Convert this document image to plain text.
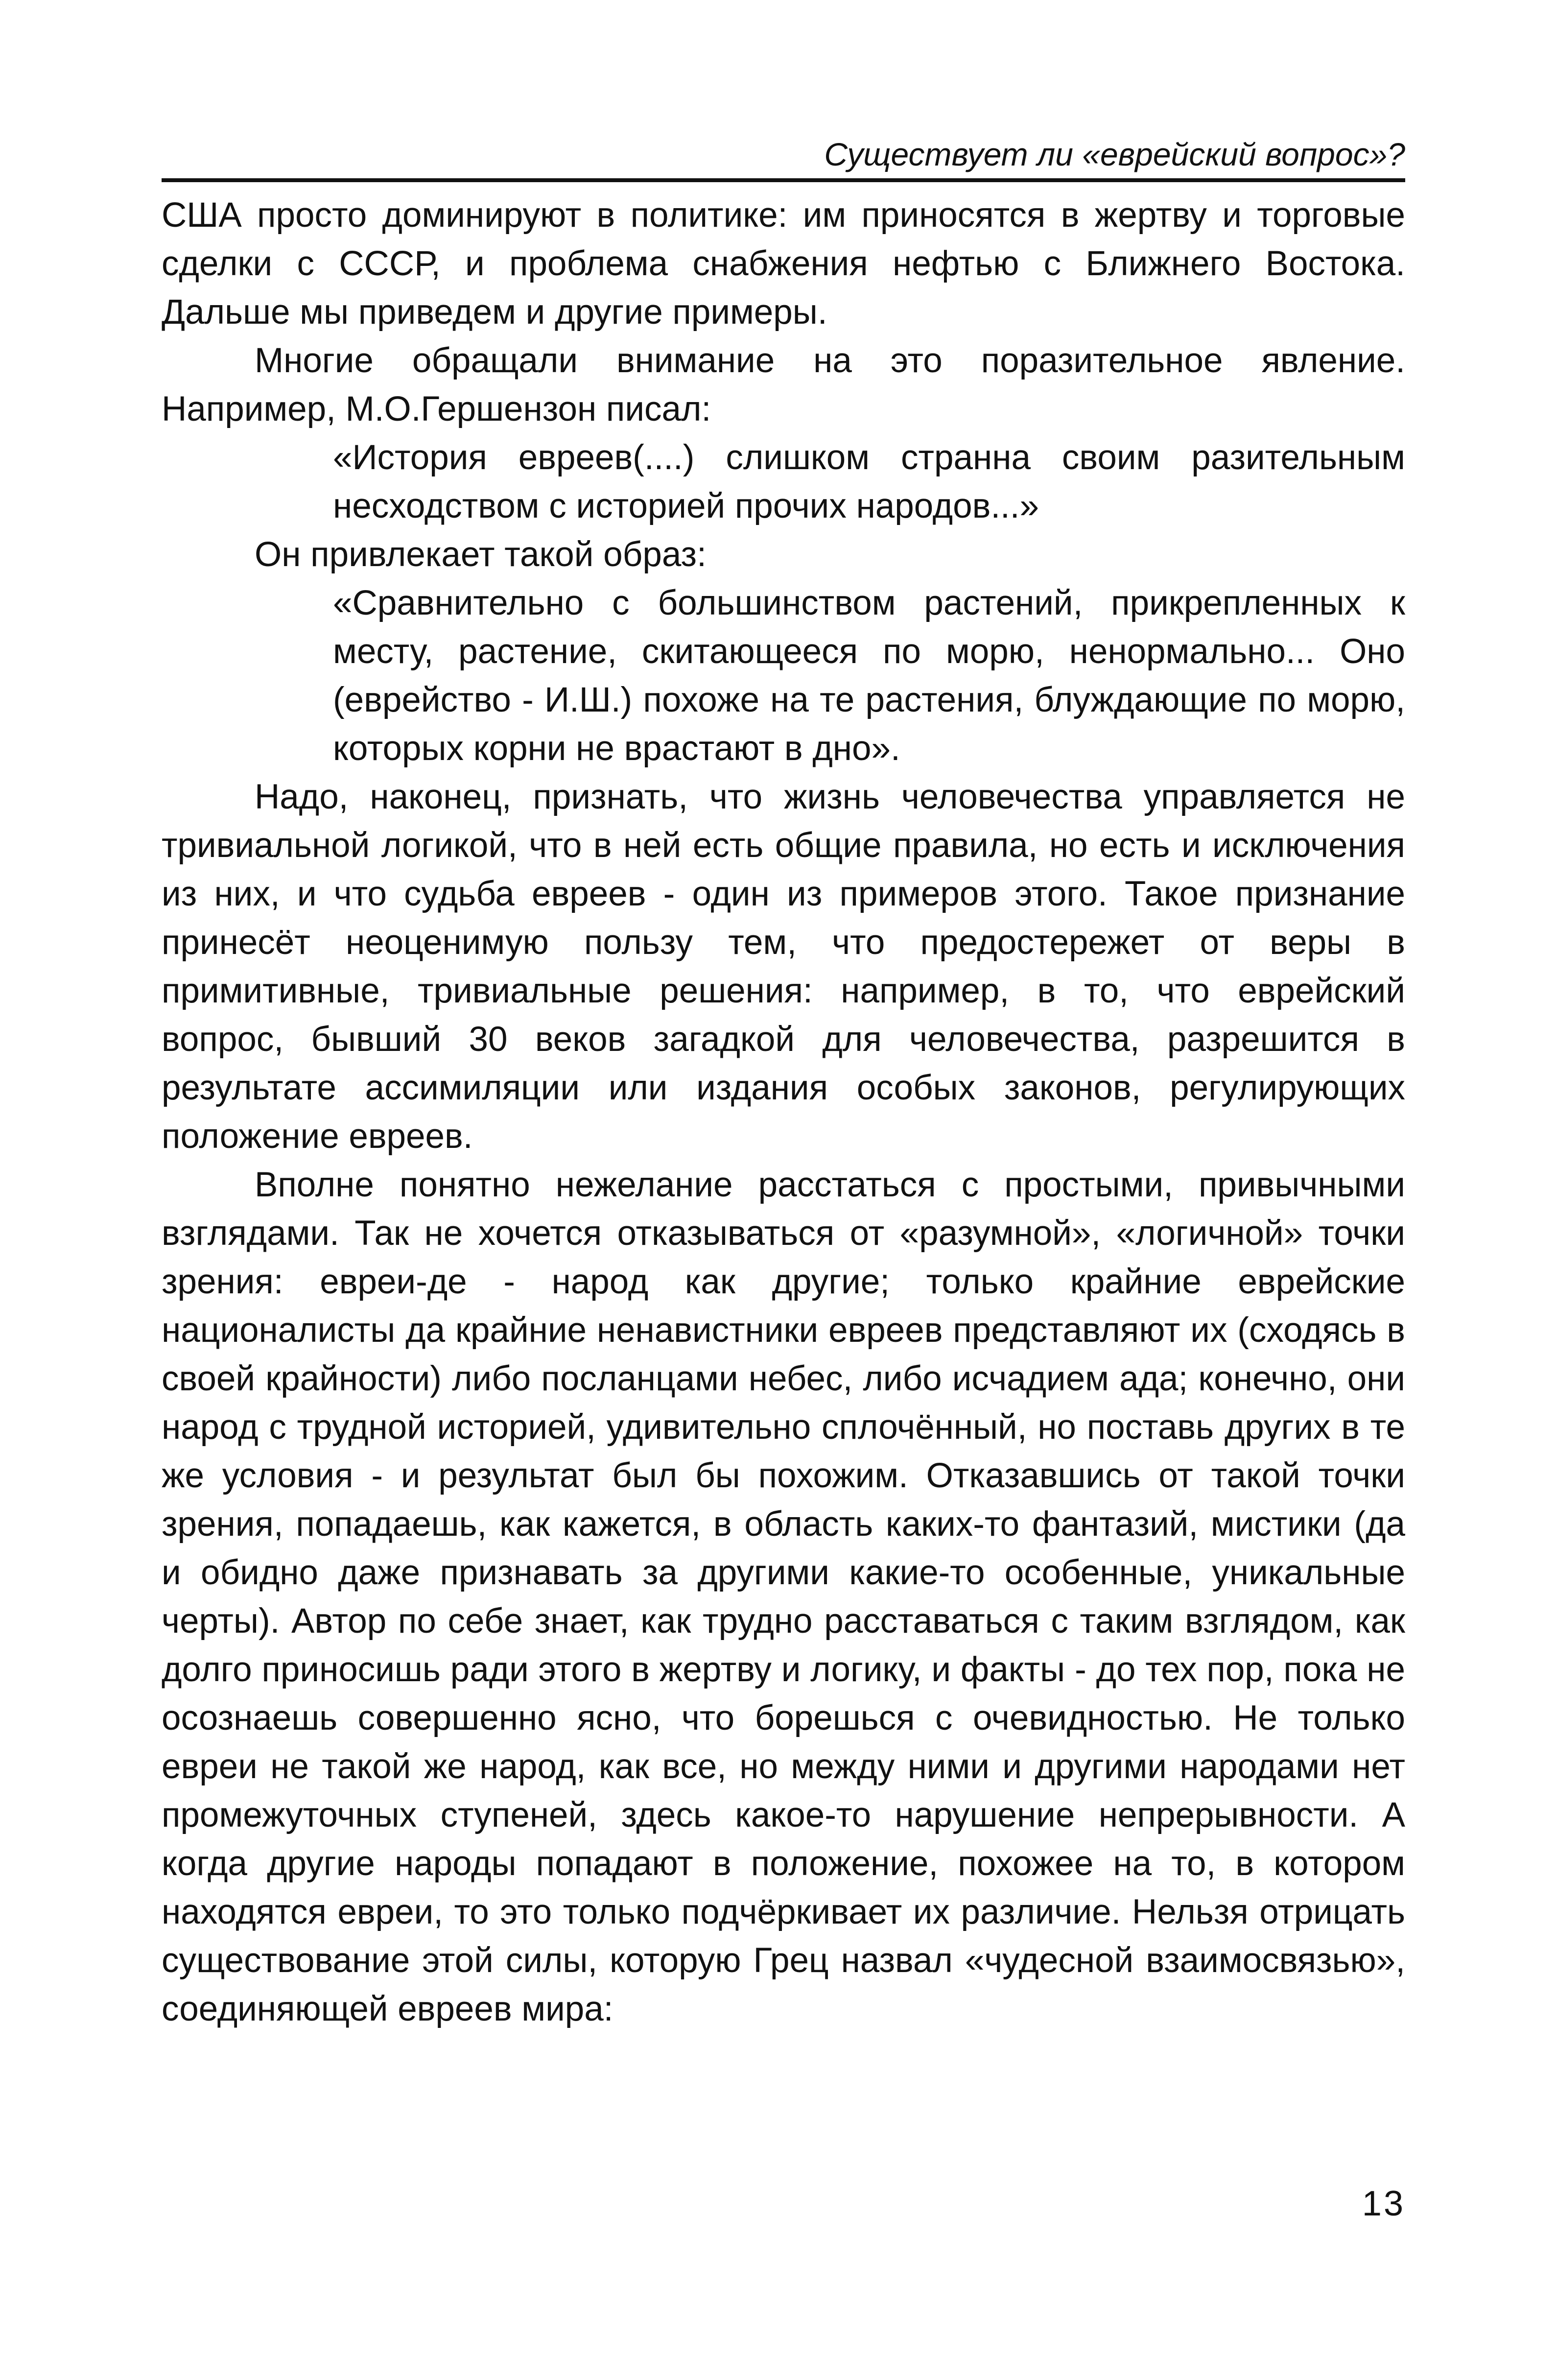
Существует ли «еврейский вопрос»?

США просто доминируют в политике: им приносятся в жертву и торговые сделки с СССР, и проблема снабжения нефтью с Ближнего Востока. Дальше мы приведем и другие примеры.

Многие обращали внимание на это поразительное явление. Например, М.О.Гершензон писал:

«История евреев(....) слишком странна своим разительным несходством с историей прочих народов...»

Он привлекает такой образ:

«Сравнительно с большинством растений, прикрепленных к месту, растение, скитающееся по морю, ненормально... Оно (еврейство - И.Ш.) похоже на те растения, блуждающие по морю, которых корни не врастают в дно».

Надо, наконец, признать, что жизнь человечества управляется не тривиальной логикой, что в ней есть общие правила, но есть и исключения из них, и что судьба евреев - один из примеров этого. Такое признание принесёт неоценимую пользу тем, что предостережет от веры в примитивные, тривиальные решения: например, в то, что еврейский вопрос, бывший 30 веков загадкой для человечества, разрешится в результате ассимиляции или издания особых законов, регулирующих положение евреев.

Вполне понятно нежелание расстаться с простыми, привычными взглядами. Так не хочется отказываться от «разумной», «логичной» точки зрения: евреи-де - народ как другие; только крайние еврейские националисты да крайние ненавистники евреев представляют их (сходясь в своей крайности) либо посланцами небес, либо исчадием ада; конечно, они народ с трудной историей, удивительно сплочённый, но поставь других в те же условия - и результат был бы похожим. Отказавшись от такой точки зрения, попадаешь, как кажется, в область каких-то фантазий, мистики (да и обидно даже признавать за другими какие-то особенные, уникальные черты). Автор по себе знает, как трудно расставаться с таким взглядом, как долго приносишь ради этого в жертву и логику, и факты - до тех пор, пока не осознаешь совершенно ясно, что борешься с очевидностью. Не только евреи не такой же народ, как все, но между ними и другими народами нет промежуточных ступеней, здесь какое-то нарушение непрерывности. А когда другие народы попадают в положение, похожее на то, в котором находятся евреи, то это только подчёркивает их различие. Нельзя отрицать существование этой силы, которую Грец назвал «чудесной взаимосвязью», соединяющей евреев мира:

13
